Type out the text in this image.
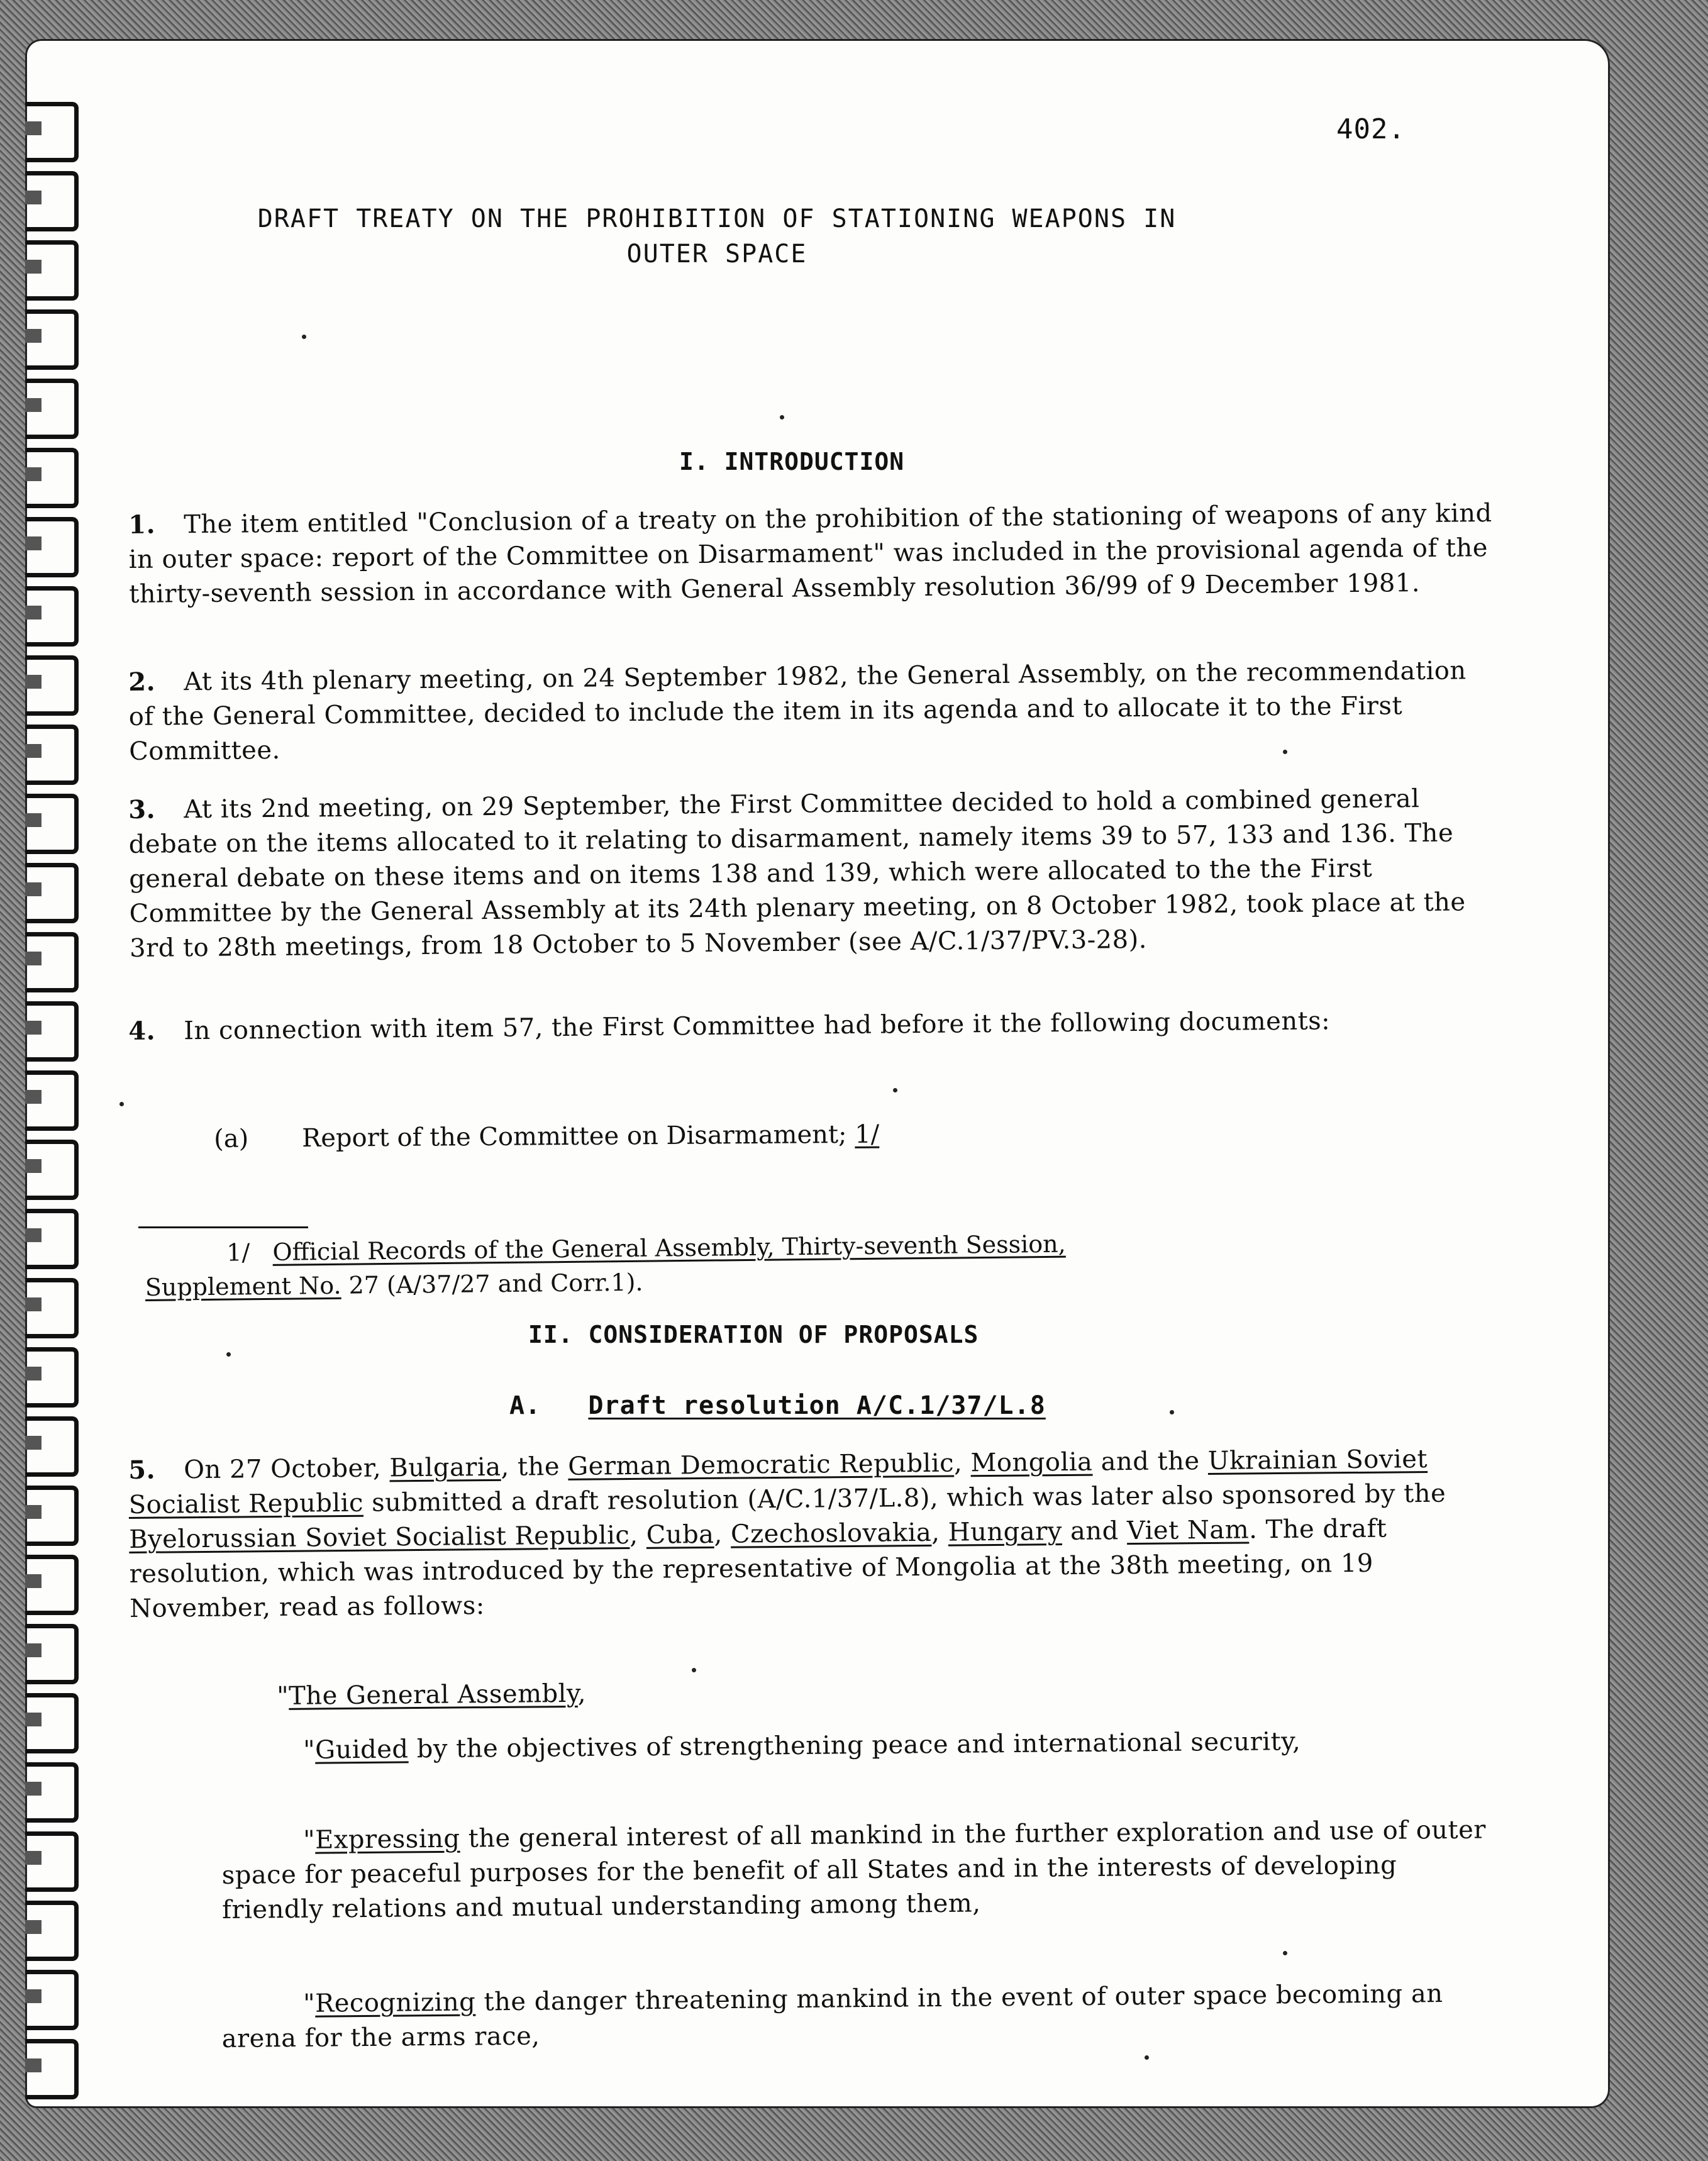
402.
DRAFT TREATY ON THE PROHIBITION OF STATIONING WEAPONS IN
OUTER SPACE
I. INTRODUCTION
1. The item entitled "Conclusion of a treaty on the prohibition of the stationing of weapons of any kind in outer space: report of the Committee on Disarmament" was included in the provisional agenda of the thirty-seventh session in accordance with General Assembly resolution 36/99 of 9 December 1981.
2. At its 4th plenary meeting, on 24 September 1982, the General Assembly, on the recommendation of the General Committee, decided to include the item in its agenda and to allocate it to the First Committee.
3. At its 2nd meeting, on 29 September, the First Committee decided to hold a combined general debate on the items allocated to it relating to disarmament, namely items 39 to 57, 133 and 136. The general debate on these items and on items 138 and 139, which were allocated to the the First Committee by the General Assembly at its 24th plenary meeting, on 8 October 1982, took place at the 3rd to 28th meetings, from 18 October to 5 November (see A/C.1/37/PV.3-28).
4. In connection with item 57, the First Committee had before it the following documents:
(a) Report of the Committee on Disarmament; 1/
1/ Official Records of the General Assembly, Thirty-seventh Session,
Supplement No. 27 (A/37/27 and Corr.1).
II. CONSIDERATION OF PROPOSALS
A. Draft resolution A/C.1/37/L.8
5. On 27 October, Bulgaria, the German Democratic Republic, Mongolia and the Ukrainian Soviet Socialist Republic submitted a draft resolution (A/C.1/37/L.8), which was later also sponsored by the Byelorussian Soviet Socialist Republic, Cuba, Czechoslovakia, Hungary and Viet Nam. The draft resolution, which was introduced by the representative of Mongolia at the 38th meeting, on 19 November, read as follows:
"The General Assembly,
"Guided by the objectives of strengthening peace and international security,
"Expressing the general interest of all mankind in the further exploration and use of outer space for peaceful purposes for the benefit of all States and in the interests of developing friendly relations and mutual understanding among them,
"Recognizing the danger threatening mankind in the event of outer space becoming an arena for the arms race,
